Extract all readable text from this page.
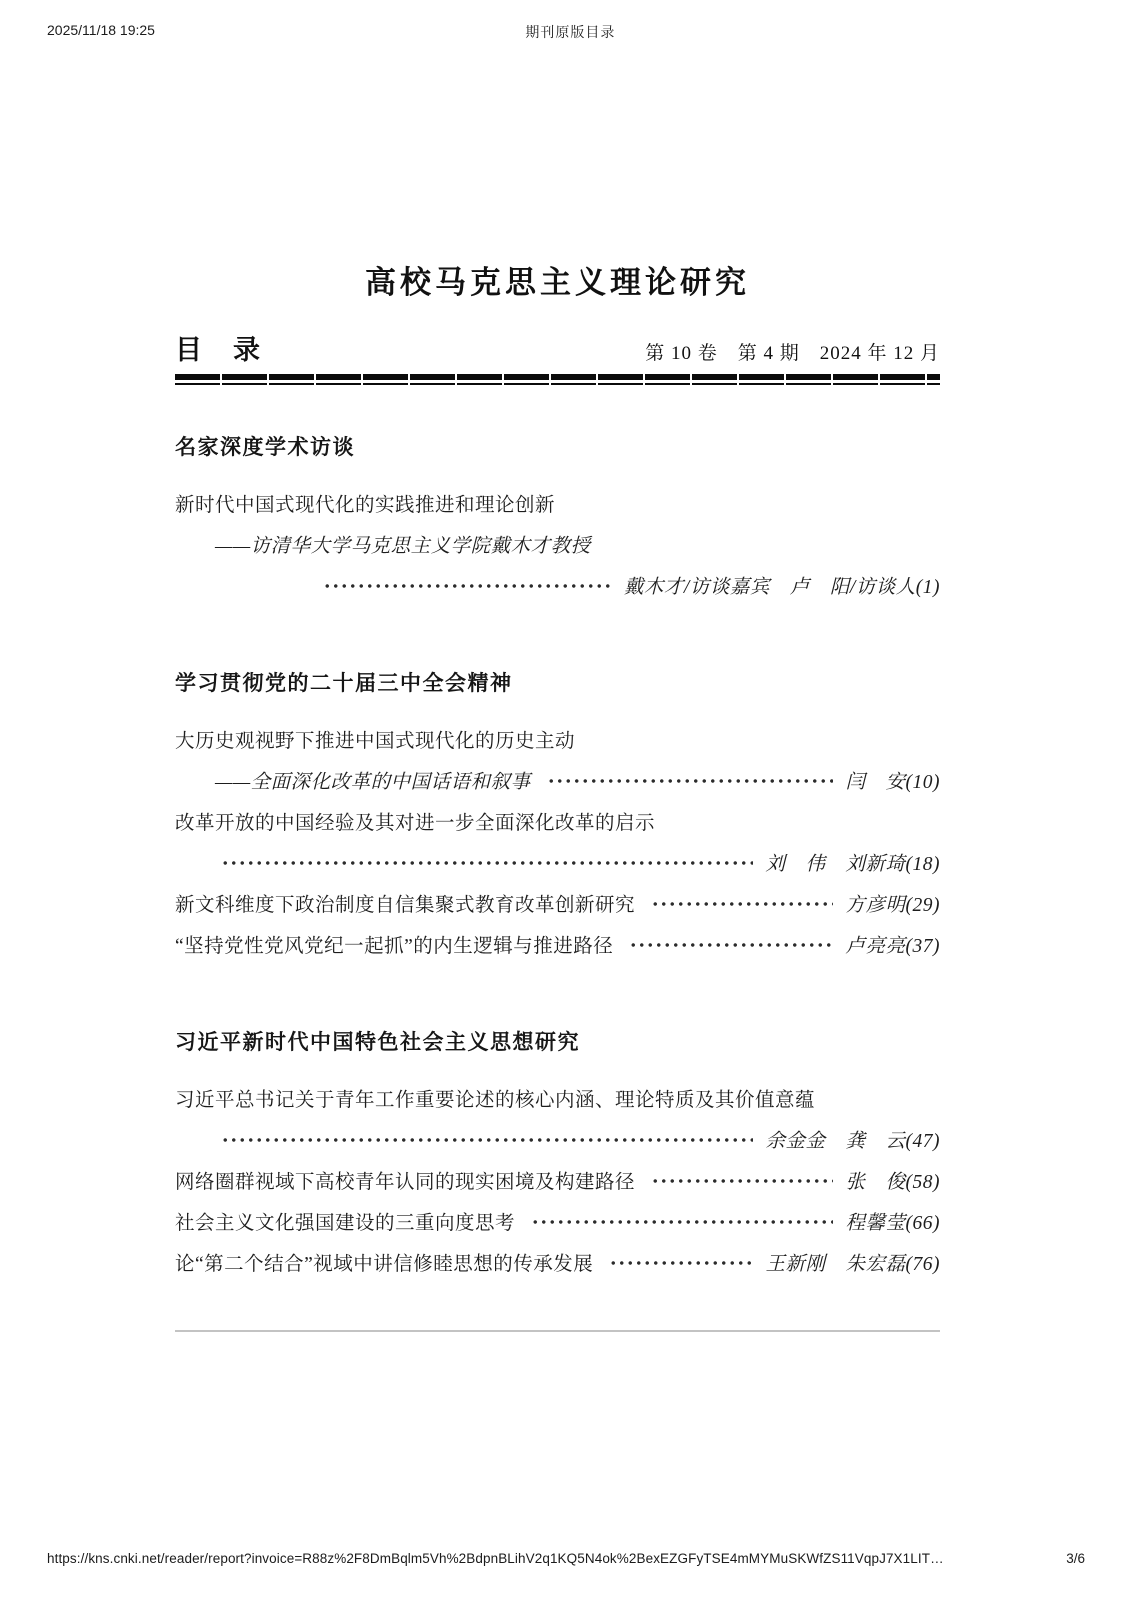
2025/11/18 19:25	期刊原版目录
高校马克思主义理论研究
目　录	第 10 卷　第 4 期　2024 年 12 月
名家深度学术访谈
新时代中国式现代化的实践推进和理论创新
——访清华大学马克思主义学院戴木才教授
戴木才/访谈嘉宾　卢　阳/访谈人(1)
学习贯彻党的二十届三中全会精神
大历史观视野下推进中国式现代化的历史主动
——全面深化改革的中国话语和叙事	闫　安(10)
改革开放的中国经验及其对进一步全面深化改革的启示
刘　伟　刘新琦(18)
新文科维度下政治制度自信集聚式教育改革创新研究	方彦明(29)
“坚持党性党风党纪一起抓”的内生逻辑与推进路径	卢亮亮(37)
习近平新时代中国特色社会主义思想研究
习近平总书记关于青年工作重要论述的核心内涵、理论特质及其价值意蕴
余金金　龚　云(47)
网络圈群视域下高校青年认同的现实困境及构建路径	张　俊(58)
社会主义文化强国建设的三重向度思考	程馨莹(66)
论“第二个结合”视域中讲信修睦思想的传承发展	王新刚　朱宏磊(76)
https://kns.cnki.net/reader/report?invoice=R88z%2F8DmBqlm5Vh%2BdpnBLihV2q1KQ5N4ok%2BexEZGFyTSE4mMYMuSKWfZS11VqpJ7X1LIT…	3/6
